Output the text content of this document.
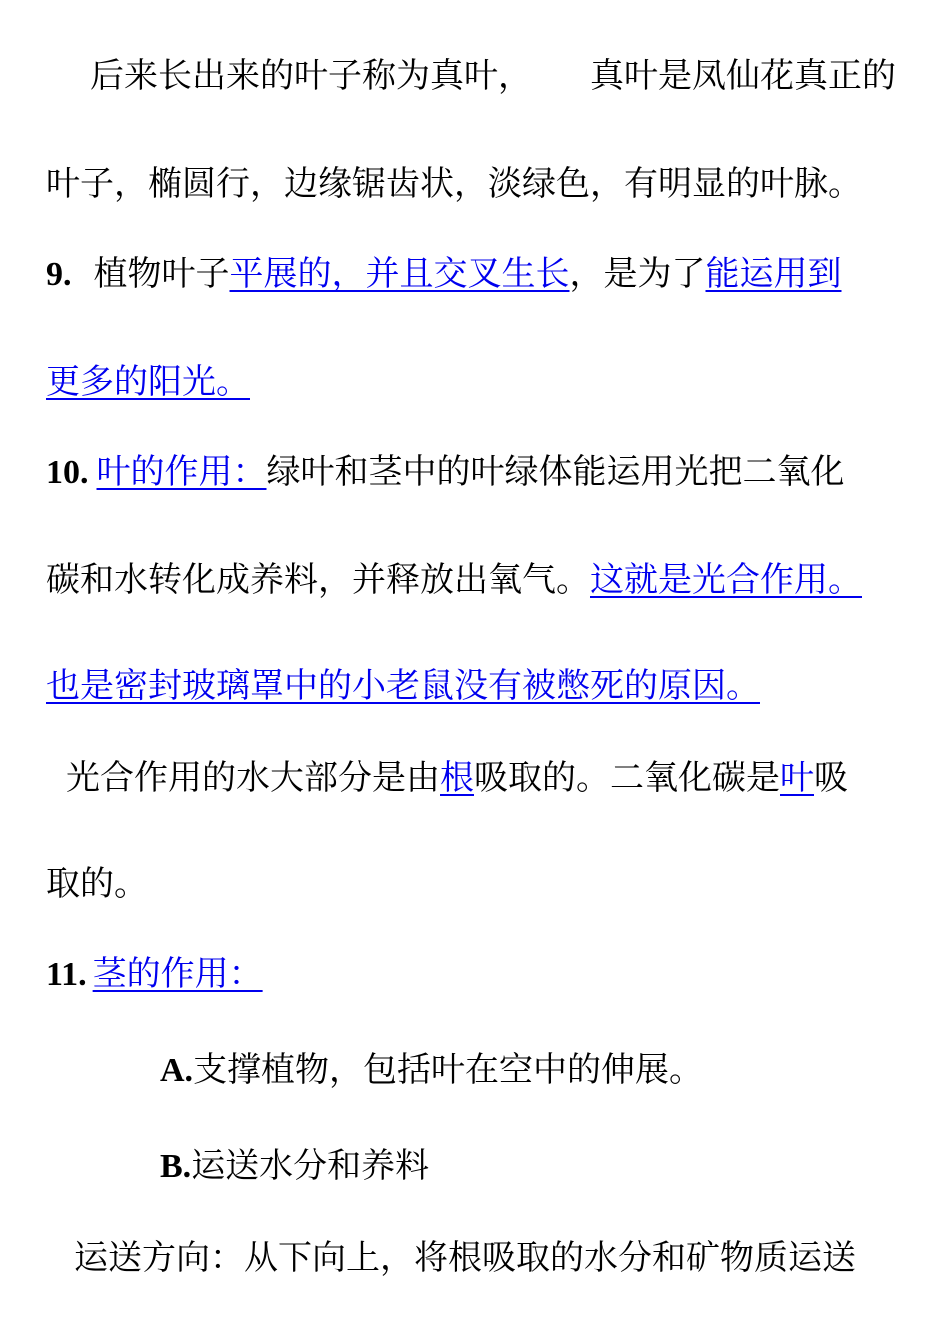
后来长出来的叶子称为真叶， 真叶是凤仙花真正的
叶子，椭圆行，边缘锯齿状，淡绿色，有明显的叶脉。
9. 植物叶子平展的，并且交叉生长，是为了能运用到
更多的阳光。
10. 叶的作用：绿叶和茎中的叶绿体能运用光把二氧化
碳和水转化成养料，并释放出氧气。这就是光合作用。
也是密封玻璃罩中的小老鼠没有被憋死的原因。
光合作用的水大部分是由根吸取的。二氧化碳是叶吸
取的。
11. 茎的作用：
A.支撑植物，包括叶在空中的伸展。
B.运送水分和养料
运送方向：从下向上，将根吸取的水分和矿物质运送
